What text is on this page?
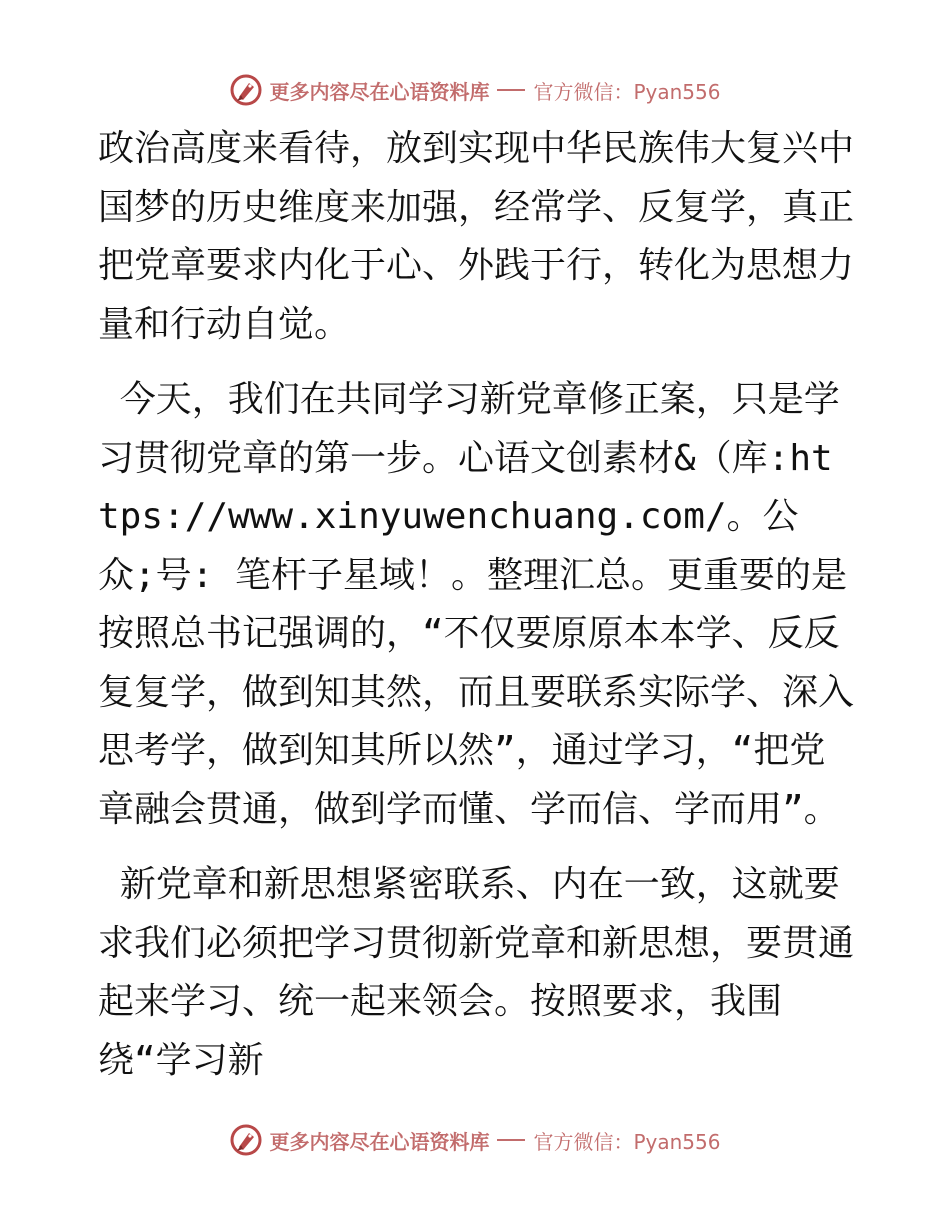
更多内容尽在心语资料库 官方微信：Pyan556

政治高度来看待，放到实现中华民族伟大复兴中国梦的历史维度来加强，经常学、反复学，真正把党章要求内化于心、外践于行，转化为思想力量和行动自觉。

今天，我们在共同学习新党章修正案，只是学习贯彻党章的第一步。心语文创素材&（库:https://www.xinyuwenchuang.com/。公众;号: 笔杆子星域！。整理汇总。更重要的是按照总书记强调的，“不仅要原原本本学、反反复复学，做到知其然，而且要联系实际学、深入思考学，做到知其所以然”，通过学习，“把党章融会贯通，做到学而懂、学而信、学而用”。

新党章和新思想紧密联系、内在一致，这就要求我们必须把学习贯彻新党章和新思想，要贯通起来学习、统一起来领会。按照要求，我围绕“学习新

更多内容尽在心语资料库 官方微信：Pyan556
